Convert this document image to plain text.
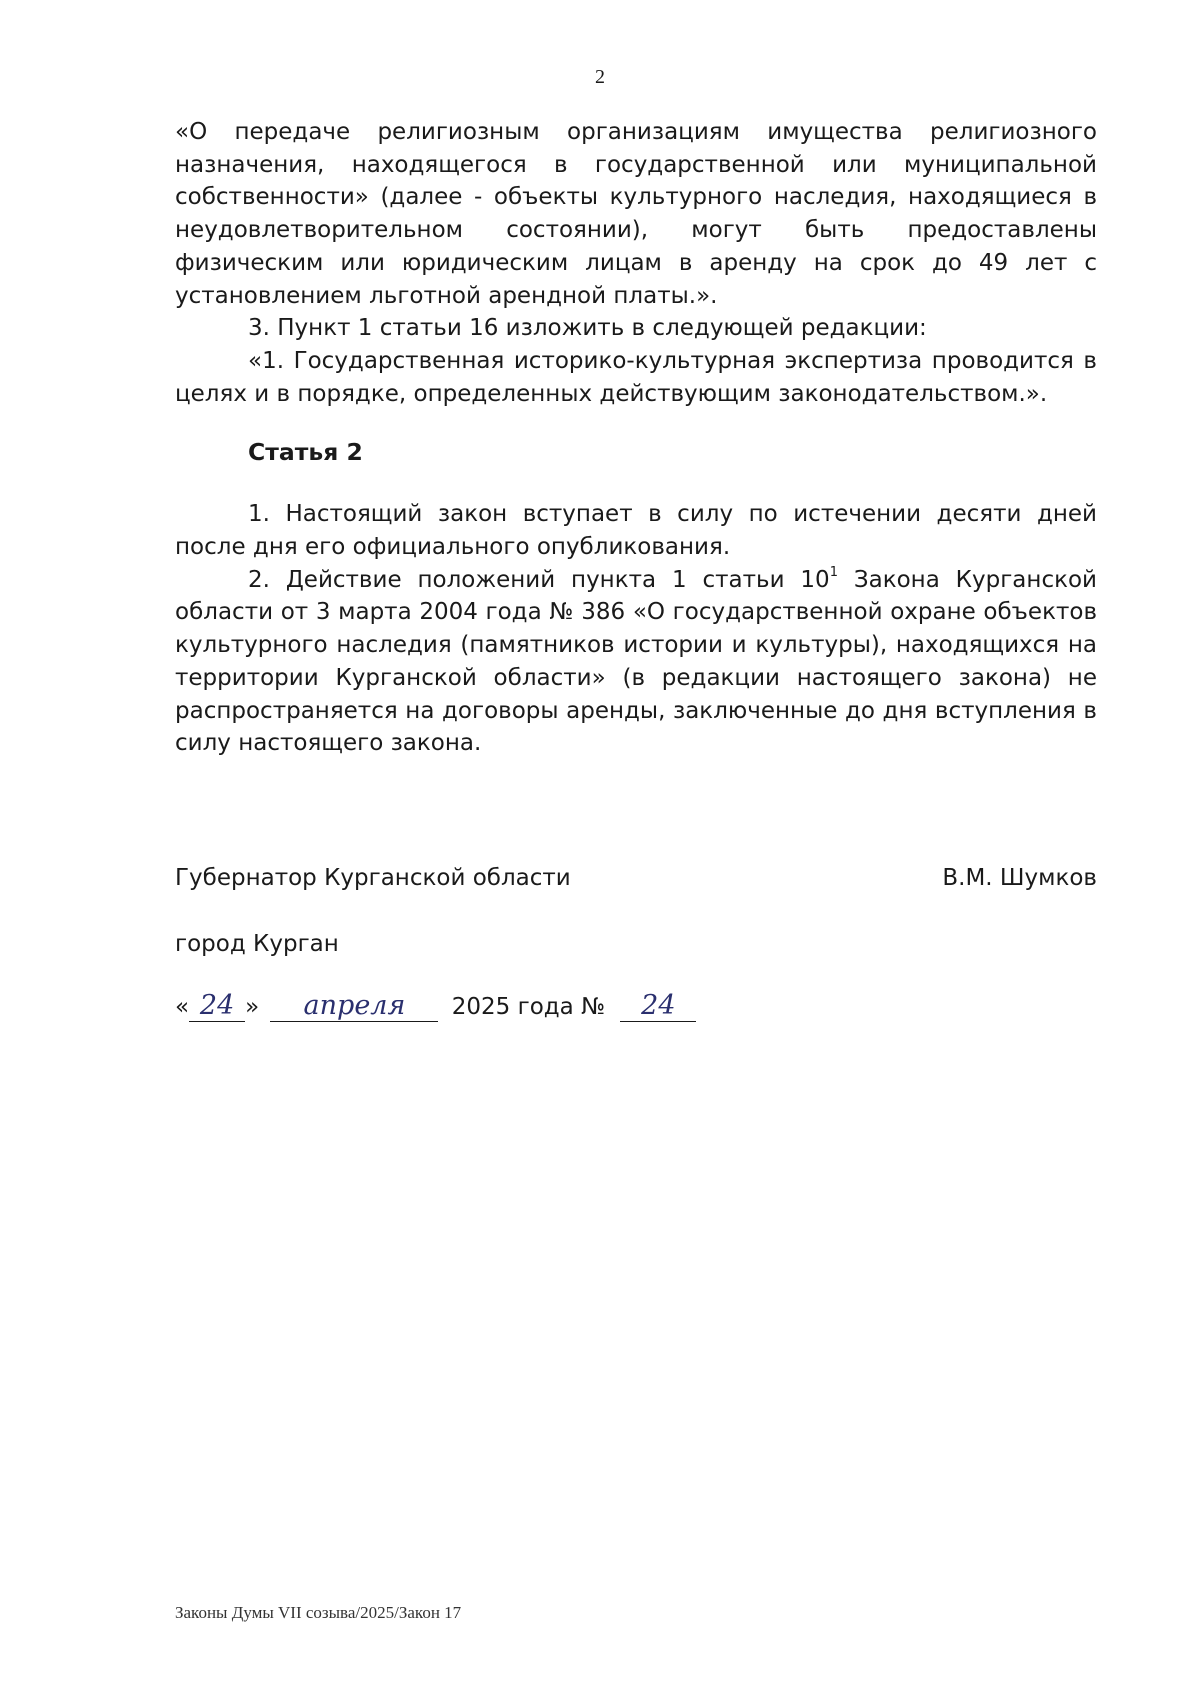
2

«О передаче религиозным организациям имущества религиозного назначения, находящегося в государственной или муниципальной собственности» (далее - объекты культурного наследия, находящиеся в неудовлетворительном состоянии), могут быть предоставлены физическим или юридическим лицам в аренду на срок до 49 лет с установлением льготной арендной платы.».

3. Пункт 1 статьи 16 изложить в следующей редакции:

«1. Государственная историко-культурная экспертиза проводится в целях и в порядке, определенных действующим законодательством.».

Статья 2

1. Настоящий закон вступает в силу по истечении десяти дней после дня его официального опубликования.

2. Действие положений пункта 1 статьи $10^1$ Закона Курганской области от 3 марта 2004 года № 386 «О государственной охране объектов культурного наследия (памятников истории и культуры), находящихся на территории Курганской области» (в редакции настоящего закона) не распространяется на договоры аренды, заключенные до дня вступления в силу настоящего закона.

Губернатор Курганской области	В.М. Шумков
город Курган
« 24 » апреля 2025 года № 24
Законы Думы VII созыва/2025/Закон 17
